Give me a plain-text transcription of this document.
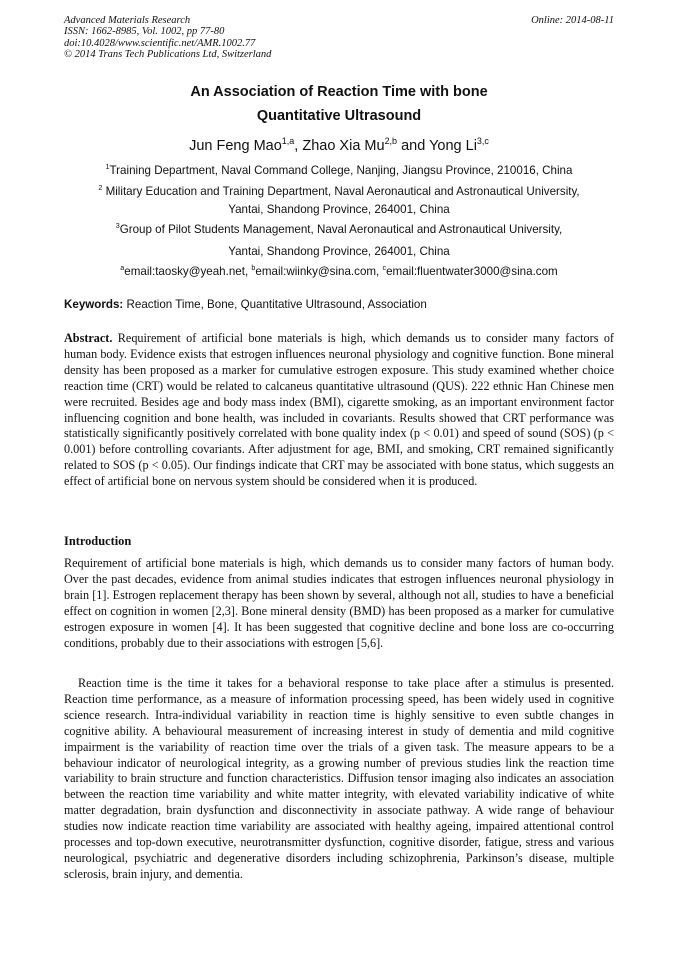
Advanced Materials Research
ISSN: 1662-8985, Vol. 1002, pp 77-80
doi:10.4028/www.scientific.net/AMR.1002.77
© 2014 Trans Tech Publications Ltd, Switzerland
Online: 2014-08-11
An Association of Reaction Time with bone
Quantitative Ultrasound
Jun Feng Mao$^{1,a}$, Zhao Xia Mu$^{2,b}$ and Yong Li$^{3,c}$
$^1$Training Department, Naval Command College, Nanjing, Jiangsu Province, 210016, China
$^2$ Military Education and Training Department, Naval Aeronautical and Astronautical University,
Yantai, Shandong Province, 264001, China
$^3$Group of Pilot Students Management, Naval Aeronautical and Astronautical University,
Yantai, Shandong Province, 264001, China
$^a$email:taosky@yeah.net, $^b$email:wiinky@sina.com, $^c$email:fluentwater3000@sina.com
Keywords: Reaction Time, Bone, Quantitative Ultrasound, Association

Abstract. Requirement of artificial bone materials is high, which demands us to consider many factors of human body. Evidence exists that estrogen influences neuronal physiology and cognitive function. Bone mineral density has been proposed as a marker for cumulative estrogen exposure. This study examined whether choice reaction time (CRT) would be related to calcaneus quantitative ultrasound (QUS). 222 ethnic Han Chinese men were recruited. Besides age and body mass index (BMI), cigarette smoking, as an important environment factor influencing cognition and bone health, was included in covariants. Results showed that CRT performance was statistically significantly positively correlated with bone quality index (p < 0.01) and speed of sound (SOS) (p < 0.001) before controlling covariants. After adjustment for age, BMI, and smoking, CRT remained significantly related to SOS (p < 0.05). Our findings indicate that CRT may be associated with bone status, which suggests an effect of artificial bone on nervous system should be considered when it is produced.

Introduction

Requirement of artificial bone materials is high, which demands us to consider many factors of human body. Over the past decades, evidence from animal studies indicates that estrogen influences neuronal physiology in brain [1]. Estrogen replacement therapy has been shown by several, although not all, studies to have a beneficial effect on cognition in women [2,3]. Bone mineral density (BMD) has been proposed as a marker for cumulative estrogen exposure in women [4]. It has been suggested that cognitive decline and bone loss are co-occurring conditions, probably due to their associations with estrogen [5,6].

Reaction time is the time it takes for a behavioral response to take place after a stimulus is presented. Reaction time performance, as a measure of information processing speed, has been widely used in cognitive science research. Intra-individual variability in reaction time is highly sensitive to even subtle changes in cognitive ability. A behavioural measurement of increasing interest in study of dementia and mild cognitive impairment is the variability of reaction time over the trials of a given task. The measure appears to be a behaviour indicator of neurological integrity, as a growing number of previous studies link the reaction time variability to brain structure and function characteristics. Diffusion tensor imaging also indicates an association between the reaction time variability and white matter integrity, with elevated variability indicative of white matter degradation, brain dysfunction and disconnectivity in associate pathway. A wide range of behaviour studies now indicate reaction time variability are associated with healthy ageing, impaired attentional control processes and top-down executive, neurotransmitter dysfunction, cognitive disorder, fatigue, stress and various neurological, psychiatric and degenerative disorders including schizophrenia, Parkinson’s disease, multiple sclerosis, brain injury, and dementia.
